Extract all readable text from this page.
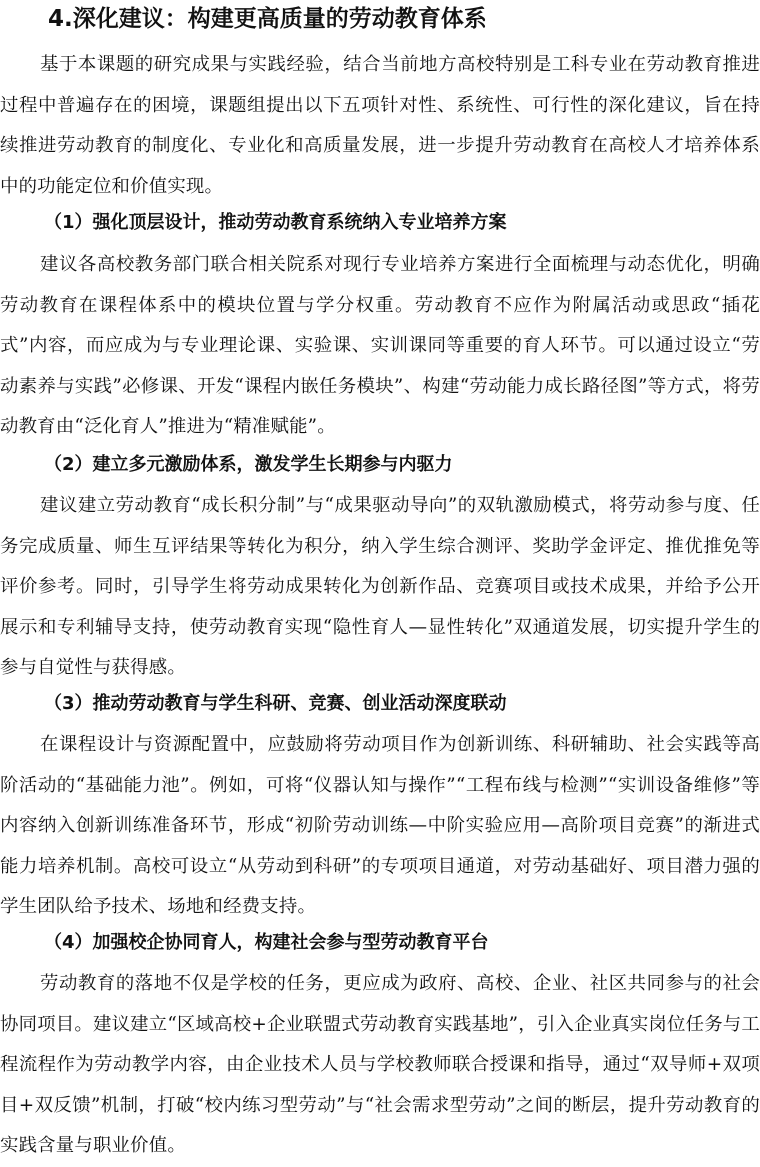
4.深化建议：构建更高质量的劳动教育体系

基于本课题的研究成果与实践经验，结合当前地方高校特别是工科专业在劳动教育推进过程中普遍存在的困境，课题组提出以下五项针对性、系统性、可行性的深化建议，旨在持续推进劳动教育的制度化、专业化和高质量发展，进一步提升劳动教育在高校人才培养体系中的功能定位和价值实现。

（1）强化顶层设计，推动劳动教育系统纳入专业培养方案

建议各高校教务部门联合相关院系对现行专业培养方案进行全面梳理与动态优化，明确劳动教育在课程体系中的模块位置与学分权重。劳动教育不应作为附属活动或思政“插花式”内容，而应成为与专业理论课、实验课、实训课同等重要的育人环节。可以通过设立“劳动素养与实践”必修课、开发“课程内嵌任务模块”、构建“劳动能力成长路径图”等方式，将劳动教育由“泛化育人”推进为“精准赋能”。

（2）建立多元激励体系，激发学生长期参与内驱力

建议建立劳动教育“成长积分制”与“成果驱动导向”的双轨激励模式，将劳动参与度、任务完成质量、师生互评结果等转化为积分，纳入学生综合测评、奖助学金评定、推优推免等评价参考。同时，引导学生将劳动成果转化为创新作品、竞赛项目或技术成果，并给予公开展示和专利辅导支持，使劳动教育实现“隐性育人—显性转化”双通道发展，切实提升学生的参与自觉性与获得感。

（3）推动劳动教育与学生科研、竞赛、创业活动深度联动

在课程设计与资源配置中，应鼓励将劳动项目作为创新训练、科研辅助、社会实践等高阶活动的“基础能力池”。例如，可将“仪器认知与操作”“工程布线与检测”“实训设备维修”等内容纳入创新训练准备环节，形成“初阶劳动训练—中阶实验应用—高阶项目竞赛”的渐进式能力培养机制。高校可设立“从劳动到科研”的专项项目通道，对劳动基础好、项目潜力强的学生团队给予技术、场地和经费支持。

（4）加强校企协同育人，构建社会参与型劳动教育平台

劳动教育的落地不仅是学校的任务，更应成为政府、高校、企业、社区共同参与的社会协同项目。建议建立“区域高校+企业联盟式劳动教育实践基地”，引入企业真实岗位任务与工程流程作为劳动教学内容，由企业技术人员与学校教师联合授课和指导，通过“双导师+双项目+双反馈”机制，打破“校内练习型劳动”与“社会需求型劳动”之间的断层，提升劳动教育的实践含量与职业价值。
